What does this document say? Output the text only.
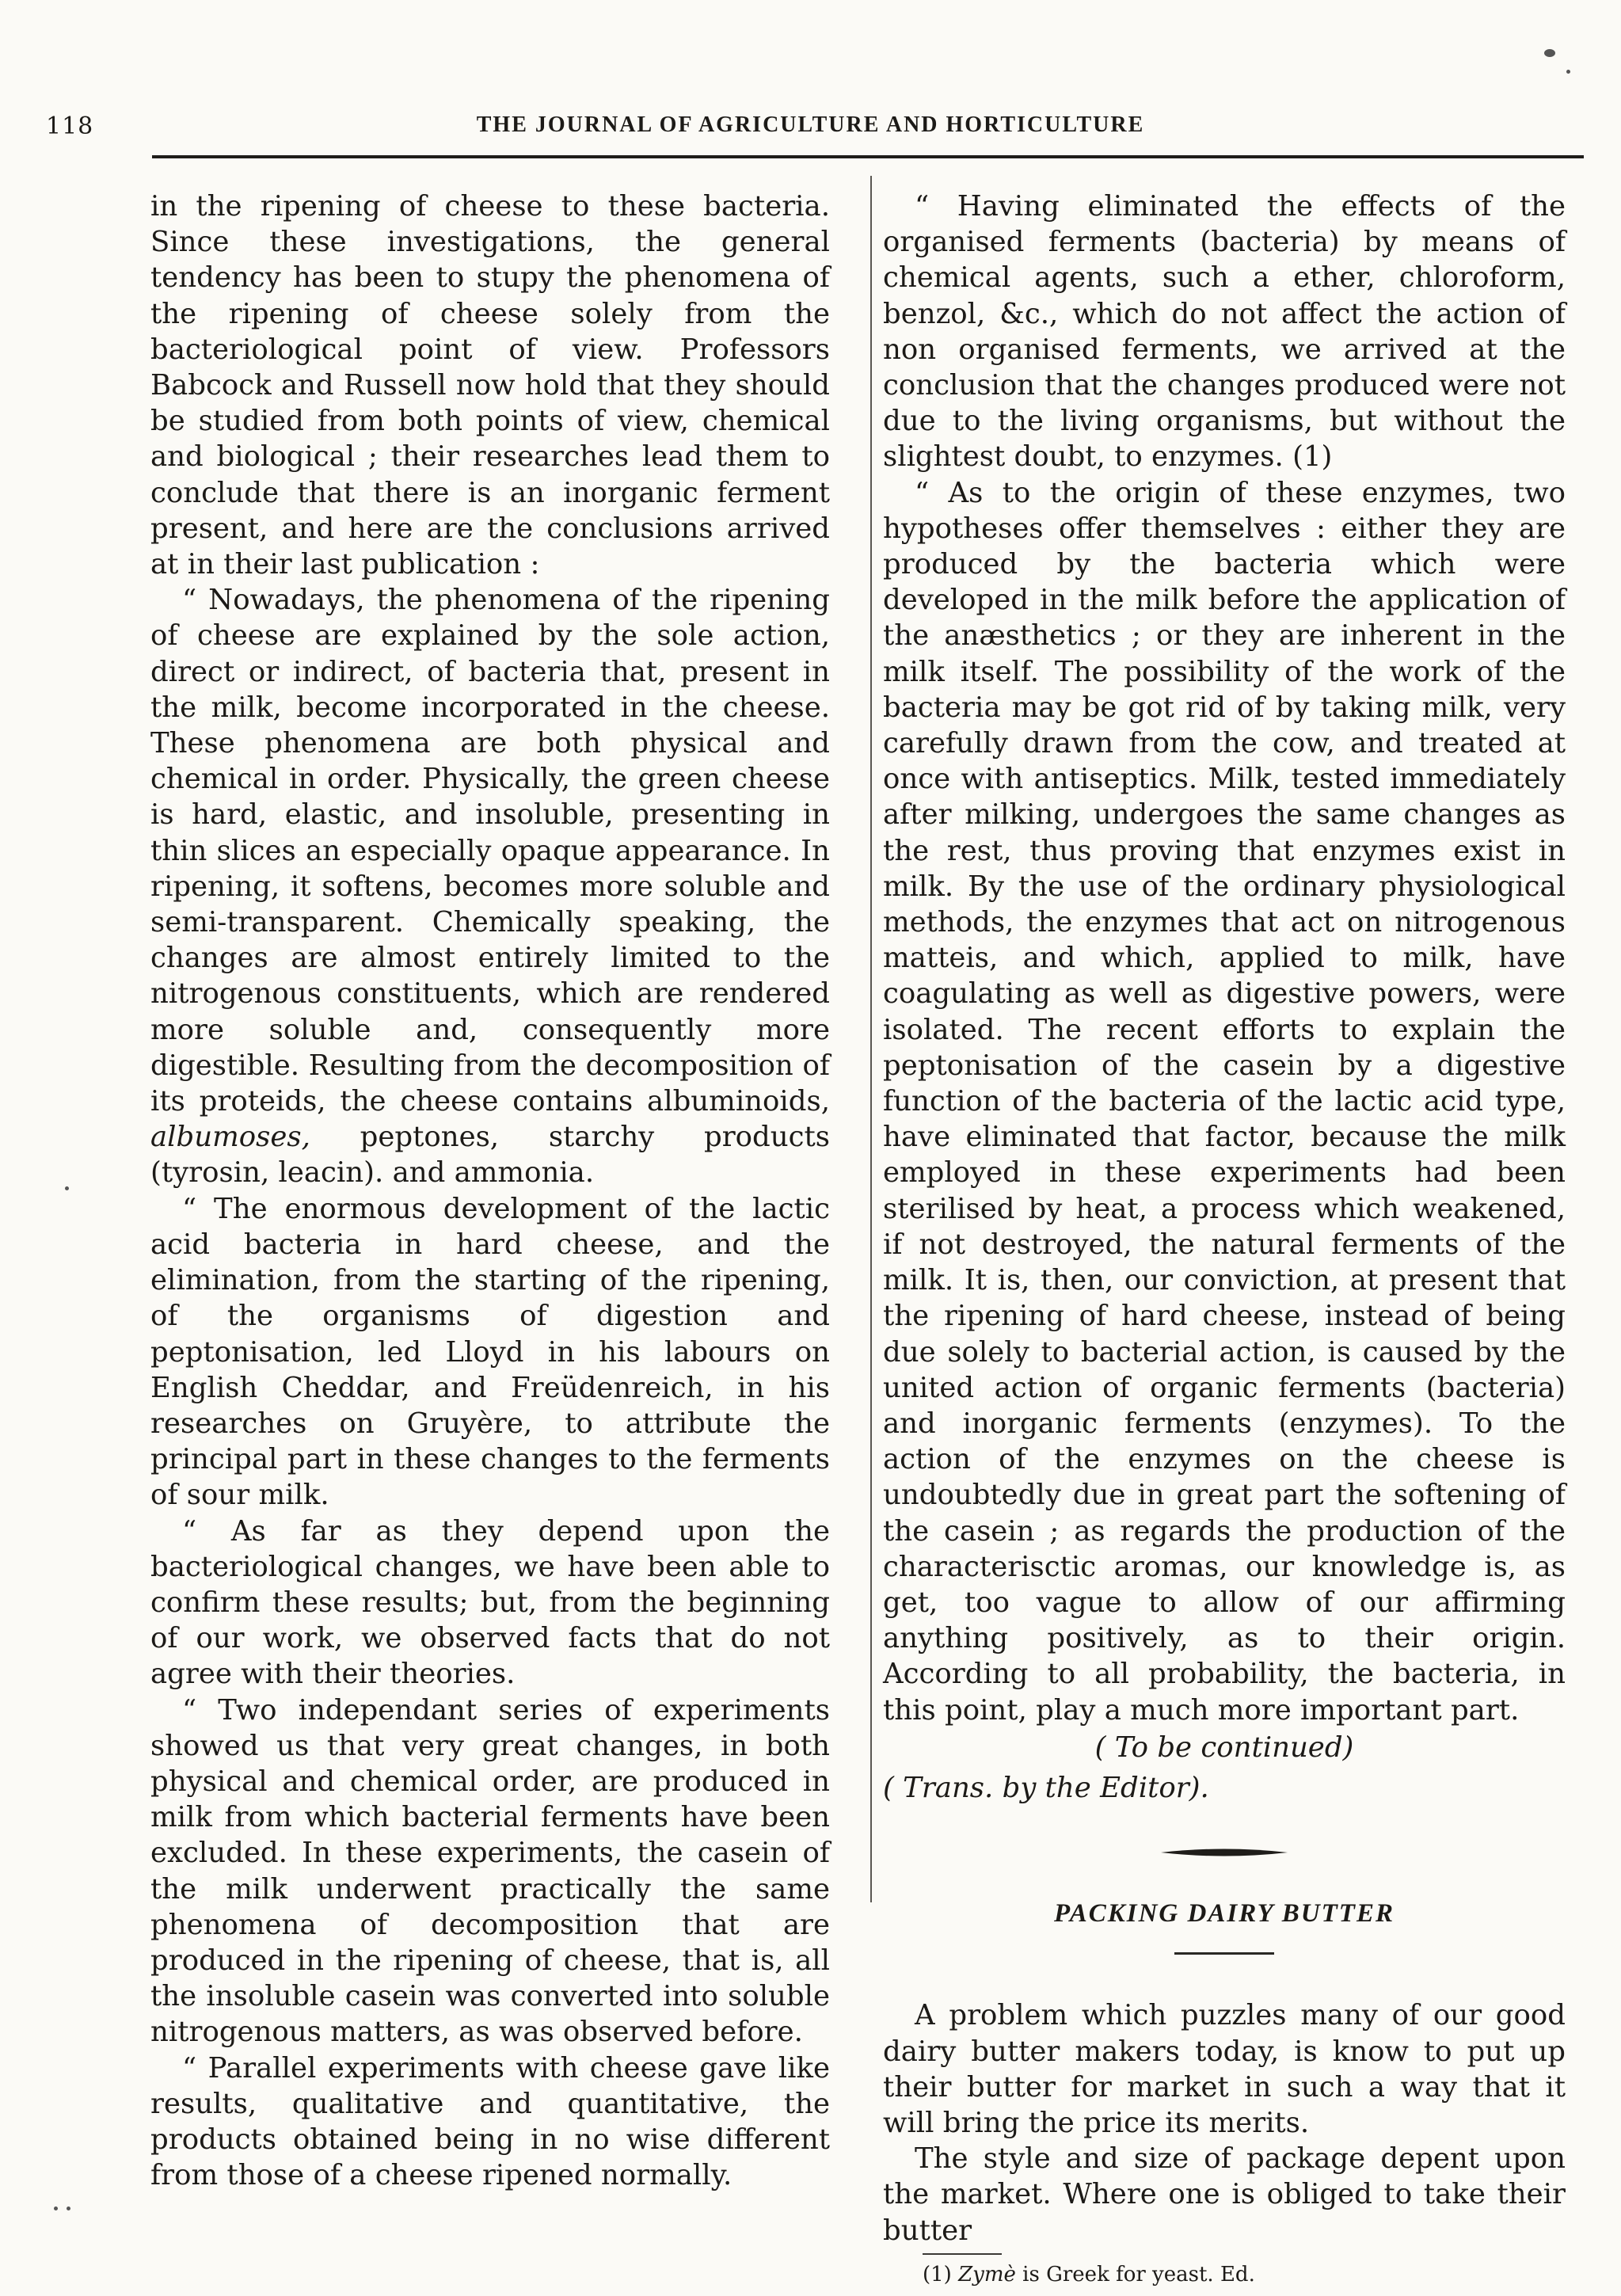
118	THE JOURNAL OF AGRICULTURE AND HORTICULTURE

in the ripening of cheese to these bacteria. Since these investigations, the general tendency has been to stupy the phenomena of the ripening of cheese solely from the bacteriological point of view. Professors Babcock and Russell now hold that they should be studied from both points of view, chemical and biological ; their researches lead them to conclude that there is an inorganic ferment present, and here are the conclusions arrived at in their last publication :

“ Nowadays, the phenomena of the ripening of cheese are explained by the sole action, direct or indirect, of bacteria that, present in the milk, become incorporated in the cheese. These phenomena are both physical and chemical in order. Physically, the green cheese is hard, elastic, and insoluble, presenting in thin slices an especially opaque appearance. In ripening, it softens, becomes more soluble and semi-transparent. Chemically speaking, the changes are almost entirely limited to the nitrogenous constituents, which are rendered more soluble and, consequently more digestible. Resulting from the decomposition of its proteids, the cheese contains albuminoids, albumoses, peptones, starchy products (tyrosin, leacin). and ammonia.

“ The enormous development of the lactic acid bacteria in hard cheese, and the elimination, from the starting of the ripening, of the organisms of digestion and peptonisation, led Lloyd in his labours on English Cheddar, and Freüdenreich, in his researches on Gruyère, to attribute the principal part in these changes to the ferments of sour milk.

“ As far as they depend upon the bacteriological changes, we have been able to confirm these results; but, from the beginning of our work, we observed facts that do not agree with their theories.

“ Two independant series of experiments showed us that very great changes, in both physical and chemical order, are produced in milk from which bacterial ferments have been excluded. In these experiments, the casein of the milk underwent practically the same phenomena of decomposition that are produced in the ripening of cheese, that is, all the insoluble casein was converted into soluble nitrogenous matters, as was observed before.

“ Parallel experiments with cheese gave like results, qualitative and quantitative, the products obtained being in no wise different from those of a cheese ripened normally.

“ Having eliminated the effects of the organised ferments (bacteria) by means of chemical agents, such a ether, chloroform, benzol, &c., which do not affect the action of non organised ferments, we arrived at the conclusion that the changes produced were not due to the living organisms, but without the slightest doubt, to enzymes. (1)

“ As to the origin of these enzymes, two hypotheses offer themselves : either they are produced by the bacteria which were developed in the milk before the application of the anæsthetics ; or they are inherent in the milk itself. The possibility of the work of the bacteria may be got rid of by taking milk, very carefully drawn from the cow, and treated at once with antiseptics. Milk, tested immediately after milking, undergoes the same changes as the rest, thus proving that enzymes exist in milk. By the use of the ordinary physiological methods, the enzymes that act on nitrogenous matteis, and which, applied to milk, have coagulating as well as digestive powers, were isolated. The recent efforts to explain the peptonisation of the casein by a digestive function of the bacteria of the lactic acid type, have eliminated that factor, because the milk employed in these experiments had been sterilised by heat, a process which weakened, if not destroyed, the natural ferments of the milk. It is, then, our conviction, at present that the ripening of hard cheese, instead of being due solely to bacterial action, is caused by the united action of organic ferments (bacteria) and inorganic ferments (enzymes). To the action of the enzymes on the cheese is undoubtedly due in great part the softening of the casein ; as regards the production of the characterisctic aromas, our knowledge is, as get, too vague to allow of our affirming anything positively, as to their origin. According to all probability, the bacteria, in this point, play a much more important part.

( To be continued)

( Trans. by the Editor).

PACKING DAIRY BUTTER

A problem which puzzles many of our good dairy butter makers today, is know to put up their butter for market in such a way that it will bring the price its merits.

The style and size of package depent upon the market. Where one is obliged to take their butter

(1) Zymè is Greek for yeast. Ed.
